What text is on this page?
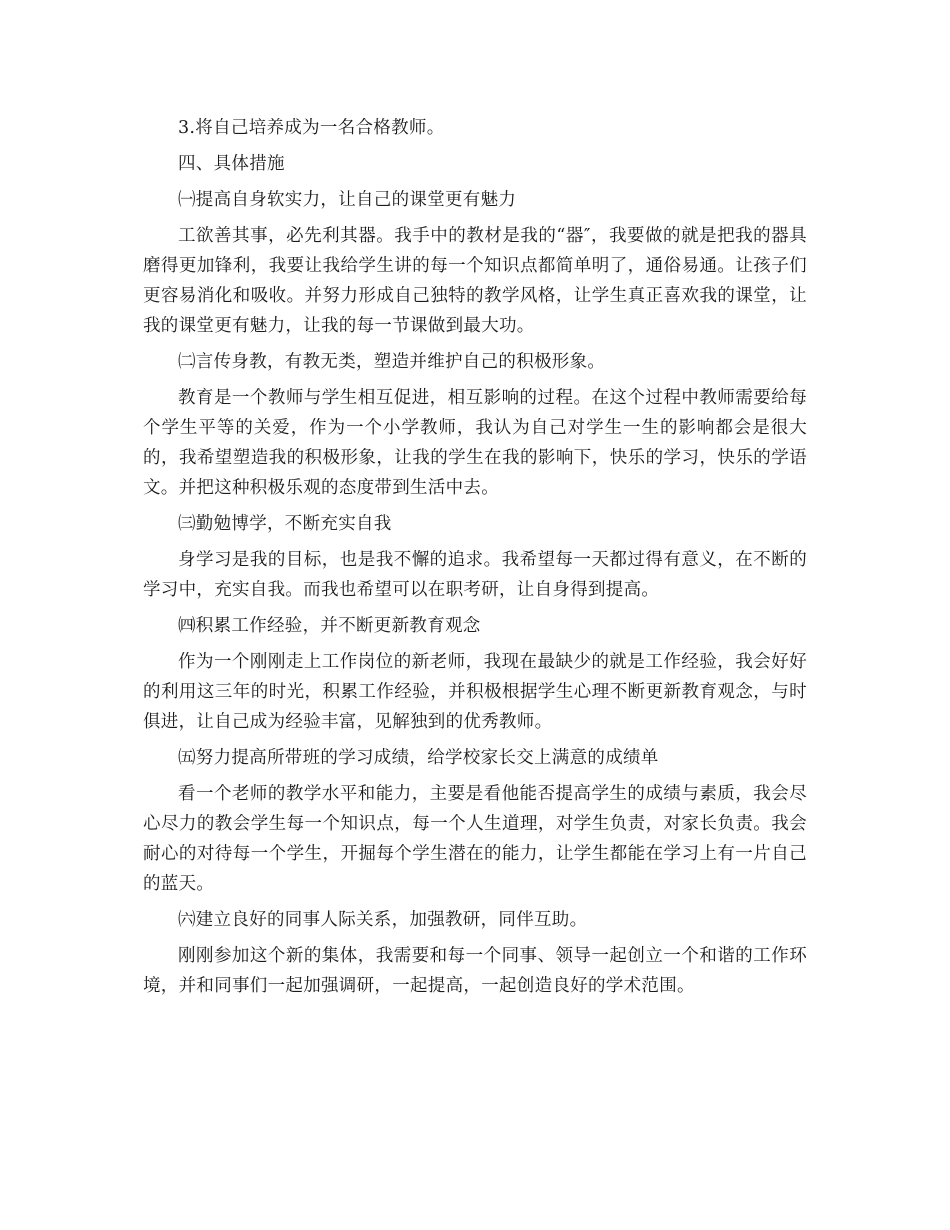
3.将自己培养成为一名合格教师。

四、具体措施

㈠提高自身软实力，让自己的课堂更有魅力

工欲善其事，必先利其器。我手中的教材是我的“器″，我要做的就是把我的器具磨得更加锋利，我要让我给学生讲的每一个知识点都简单明了，通俗易通。让孩子们更容易消化和吸收。并努力形成自己独特的教学风格，让学生真正喜欢我的课堂，让我的课堂更有魅力，让我的每一节课做到最大功。

㈡言传身教，有教无类，塑造并维护自己的积极形象。

教育是一个教师与学生相互促进，相互影响的过程。在这个过程中教师需要给每个学生平等的关爱，作为一个小学教师，我认为自己对学生一生的影响都会是很大的，我希望塑造我的积极形象，让我的学生在我的影响下，快乐的学习，快乐的学语文。并把这种积极乐观的态度带到生活中去。

㈢勤勉博学，不断充实自我

身学习是我的目标，也是我不懈的追求。我希望每一天都过得有意义，在不断的学习中，充实自我。而我也希望可以在职考研，让自身得到提高。

㈣积累工作经验，并不断更新教育观念

作为一个刚刚走上工作岗位的新老师，我现在最缺少的就是工作经验，我会好好的利用这三年的时光，积累工作经验，并积极根据学生心理不断更新教育观念，与时俱进，让自己成为经验丰富，见解独到的优秀教师。

㈤努力提高所带班的学习成绩，给学校家长交上满意的成绩单

看一个老师的教学水平和能力，主要是看他能否提高学生的成绩与素质，我会尽心尽力的教会学生每一个知识点，每一个人生道理，对学生负责，对家长负责。我会耐心的对待每一个学生，开掘每个学生潜在的能力，让学生都能在学习上有一片自己的蓝天。

㈥建立良好的同事人际关系，加强教研，同伴互助。

刚刚参加这个新的集体，我需要和每一个同事、领导一起创立一个和谐的工作环境，并和同事们一起加强调研，一起提高，一起创造良好的学术范围。
